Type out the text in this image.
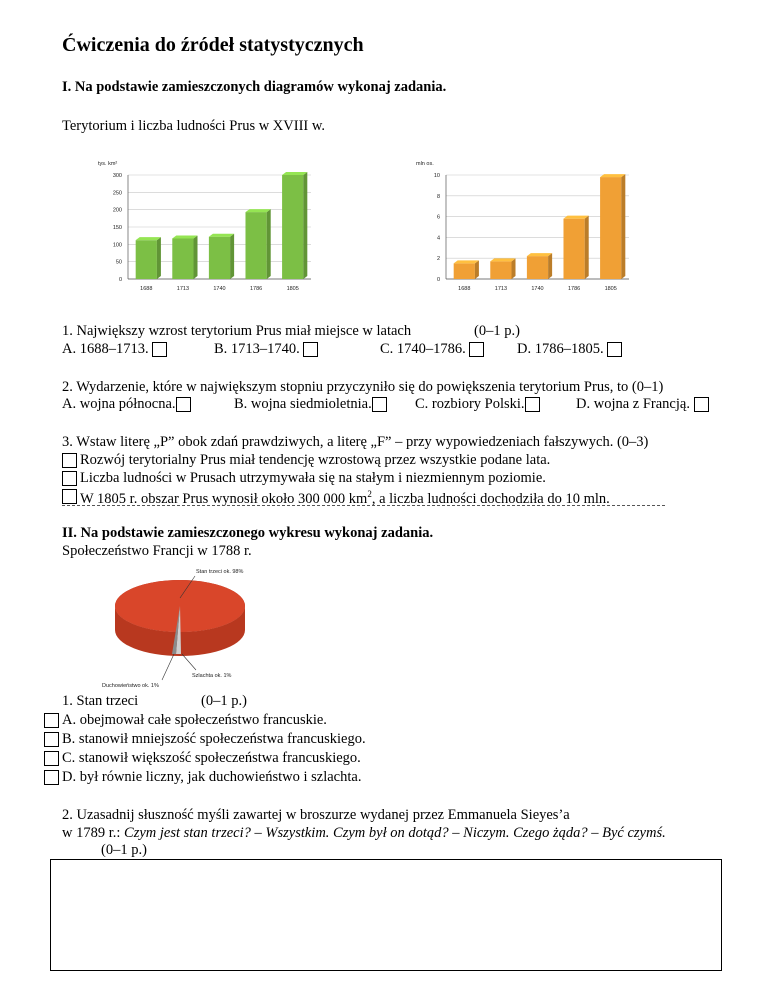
Ćwiczenia do źródeł statystycznych
I. Na podstawie zamieszczonych diagramów wykonaj zadania.
Terytorium i liczba ludności Prus w XVIII w.
tys. km²
0
50
100
150
200
250
300
1688	1713	1740	1786	1805
mln os.
0
2
4
6
8
10
1688	1713	1740	1786	1805
1. Największy wzrost terytorium Prus miał miejsce w latach	(0–1 p.)
A. 1688–1713.	B. 1713–1740.	C. 1740–1786.	D. 1786–1805.
2. Wydarzenie, które w największym stopniu przyczyniło się do powiększenia terytorium Prus, to (0–1)
A. wojna północna.	B. wojna siedmioletnia.	C. rozbiory Polski.	D. wojna z Francją.
3. Wstaw literę „P” obok zdań prawdziwych, a literę „F” – przy wypowiedzeniach fałszywych. (0–3)
Rozwój terytorialny Prus miał tendencję wzrostową przez wszystkie podane lata.
Liczba ludności w Prusach utrzymywała się na stałym i niezmiennym poziomie.
W 1805 r. obszar Prus wynosił około 300 000 $km^2$, a liczba ludności dochodziła do 10 mln.
II. Na podstawie zamieszczonego wykresu wykonaj zadania.
Społeczeństwo Francji w 1788 r.
Stan trzeci ok. 98%
Szlachta ok. 1%
Duchowieństwo ok. 1%
1. Stan trzeci	(0–1 p.)
A. obejmował całe społeczeństwo francuskie.
B. stanowił mniejszość społeczeństwa francuskiego.
C. stanowił większość społeczeństwa francuskiego.
D. był równie liczny, jak duchowieństwo i szlachta.
2. Uzasadnij słuszność myśli zawartej w broszurze wydanej przez Emmanuela Sieyes’a
w 1789 r.: Czym jest stan trzeci? – Wszystkim. Czym był on dotąd? – Niczym. Czego żąda? – Być czymś.
(0–1 p.)
